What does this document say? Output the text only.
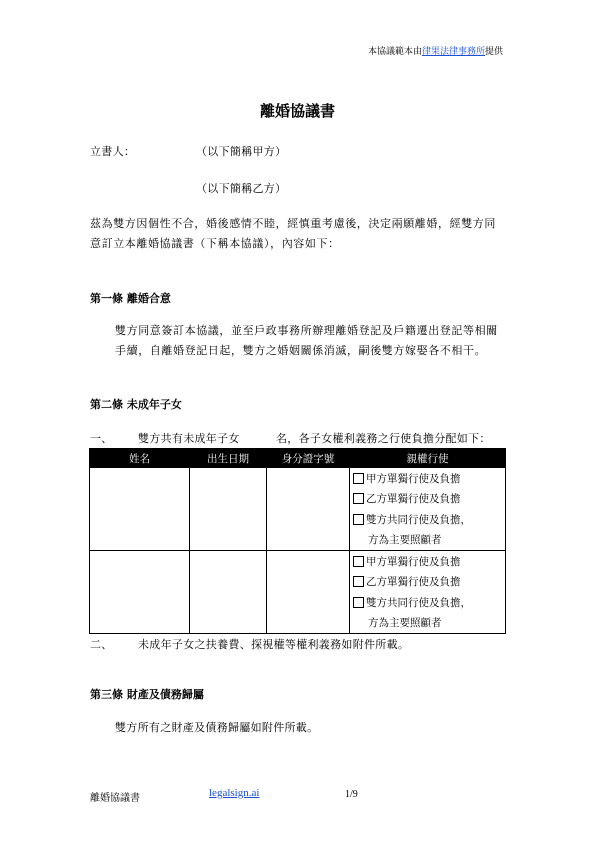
本協議範本由律果法律事務所提供
離婚協議書
立書人：	（以下簡稱甲方）
（以下簡稱乙方）
茲為雙方因個性不合，婚後感情不睦，經慎重考慮後，決定兩願離婚，經雙方同意訂立本離婚協議書（下稱本協議），內容如下：
第一條 離婚合意
雙方同意簽訂本協議，並至戶政事務所辦理離婚登記及戶籍遷出登記等相關手續，自離婚登記日起，雙方之婚姻關係消滅，嗣後雙方嫁娶各不相干。
第二條 未成年子女
一、 雙方共有未成年子女	名，各子女權利義務之行使負擔分配如下：
姓名	出生日期	身分證字號	親權行使

			甲方單獨行使及負擔
乙方單獨行使及負擔
雙方共同行使及負擔，
方為主要照顧者

			甲方單獨行使及負擔
乙方單獨行使及負擔
雙方共同行使及負擔，
方為主要照顧者
二、 未成年子女之扶養費、探視權等權利義務如附件所載。
第三條 財產及債務歸屬
雙方所有之財產及債務歸屬如附件所載。
離婚協議書	legalsign.ai	1/9
